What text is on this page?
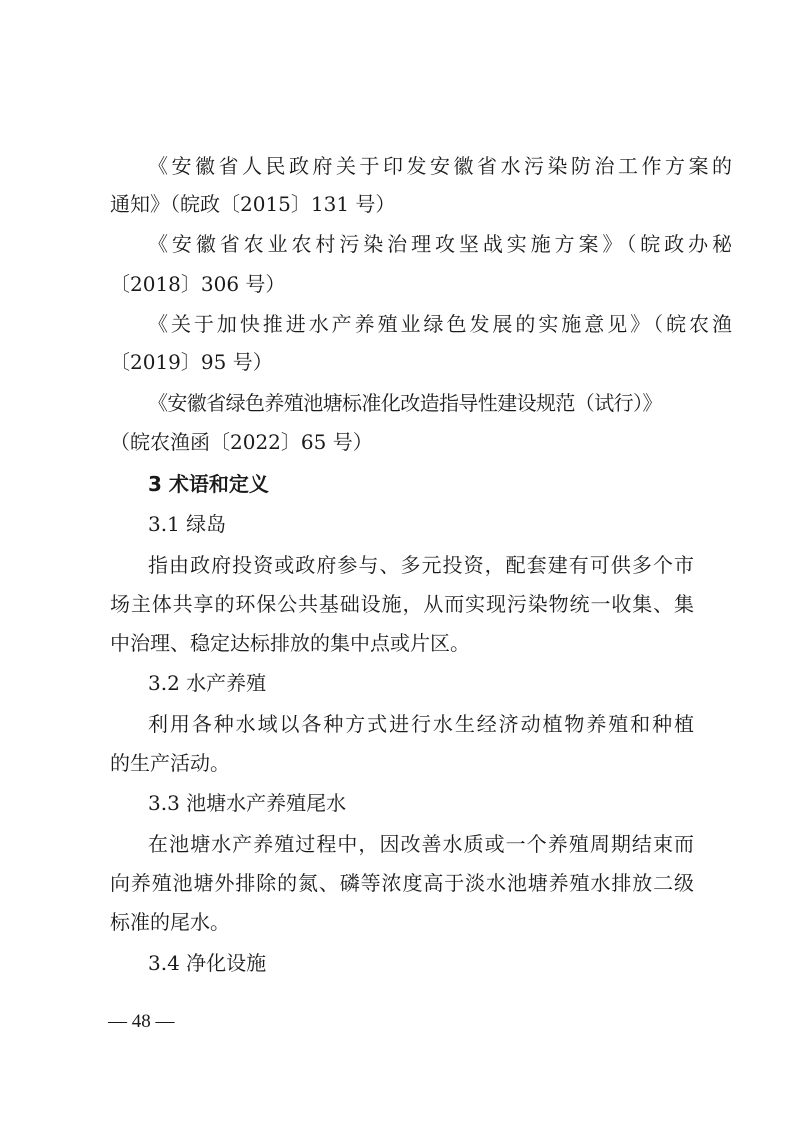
《安徽省人民政府关于印发安徽省水污染防治工作方案的
通知》（皖政〔2015〕131 号）
《安徽省农业农村污染治理攻坚战实施方案》（皖政办秘
〔2018〕306 号）
《关于加快推进水产养殖业绿色发展的实施意见》（皖农渔
〔2019〕95 号）
《安徽省绿色养殖池塘标准化改造指导性建设规范（试行）》
（皖农渔函〔2022〕65 号）
3 术语和定义
3.1 绿岛
指由政府投资或政府参与、多元投资，配套建有可供多个市
场主体共享的环保公共基础设施，从而实现污染物统一收集、集
中治理、稳定达标排放的集中点或片区。
3.2 水产养殖
利用各种水域以各种方式进行水生经济动植物养殖和种植
的生产活动。
3.3 池塘水产养殖尾水
在池塘水产养殖过程中，因改善水质或一个养殖周期结束而
向养殖池塘外排除的氮、磷等浓度高于淡水池塘养殖水排放二级
标准的尾水。
3.4 净化设施
— 48 —
